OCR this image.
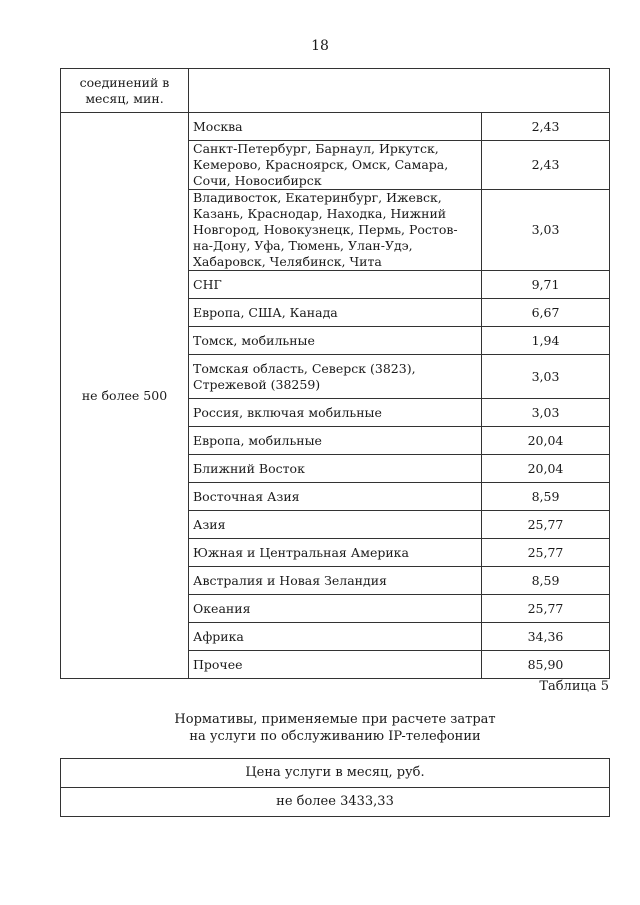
18
соединений в месяц, мин.		
не более 500	Москва	2,43
	Санкт-Петербург, Барнаул, Иркутск, Кемерово, Красноярск, Омск, Самара, Сочи, Новосибирск	2,43
	Владивосток, Екатеринбург, Ижевск, Казань, Краснодар, Находка, Нижний Новгород, Новокузнецк, Пермь, Ростов-на-Дону, Уфа, Тюмень, Улан-Удэ, Хабаровск, Челябинск, Чита	3,03
	СНГ	9,71
	Европа, США, Канада	6,67
	Томск, мобильные	1,94
	Томская область, Северск (3823), Стрежевой (38259)	3,03
	Россия, включая мобильные	3,03
	Европа, мобильные	20,04
	Ближний Восток	20,04
	Восточная Азия	8,59
	Азия	25,77
	Южная и Центральная Америка	25,77
	Австралия и Новая Зеландия	8,59
	Океания	25,77
	Африка	34,36
	Прочее	85,90
Таблица 5
Нормативы, применяемые при расчете затрат
на услуги по обслуживанию IP-телефонии
Цена услуги в месяц, руб.
не более 3433,33
